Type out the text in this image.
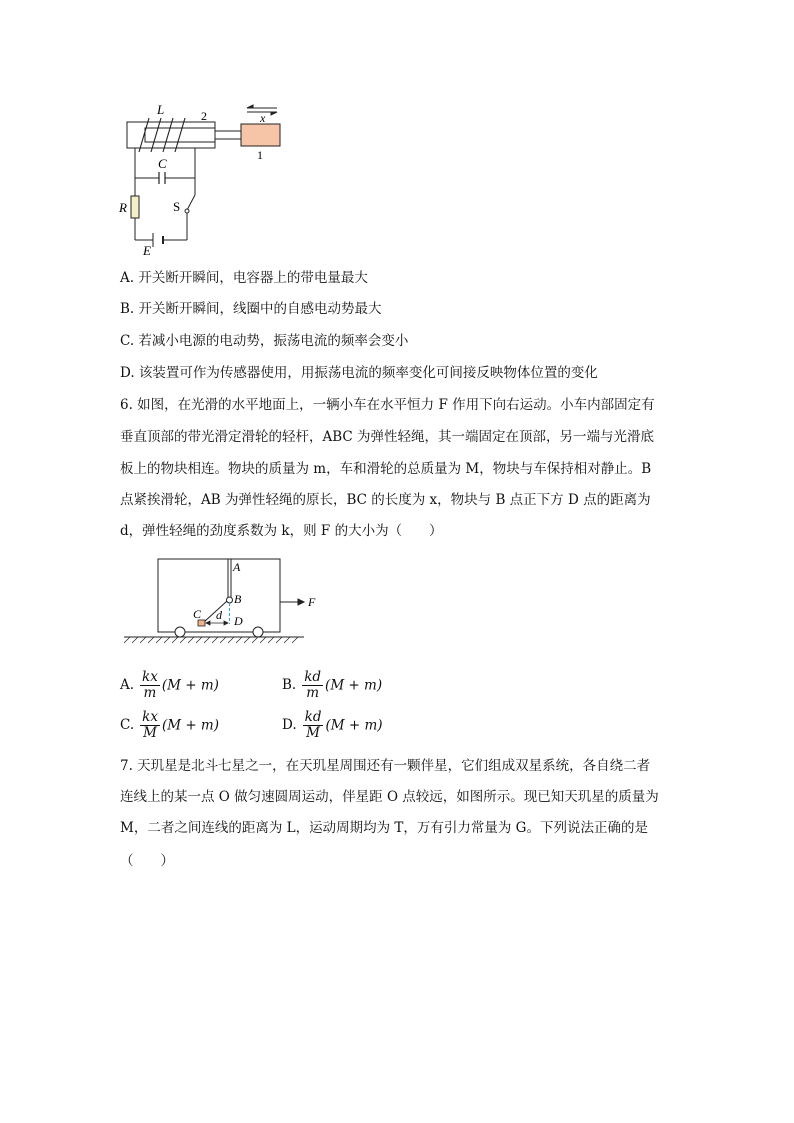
x
L	2
1
C
R	S
E
A. 开关断开瞬间，电容器上的带电量最大
B. 开关断开瞬间，线圈中的自感电动势最大
C. 若减小电源的电动势，振荡电流的频率会变小
D. 该装置可作为传感器使用，用振荡电流的频率变化可间接反映物体位置的变化
6. 如图，在光滑的水平地面上，一辆小车在水平恒力 F 作用下向右运动。小车内部固定有
垂直顶部的带光滑定滑轮的轻杆，ABC 为弹性轻绳，其一端固定在顶部，另一端与光滑底
板上的物块相连。物块的质量为 m，车和滑轮的总质量为 M，物块与车保持相对静止。B
点紧挨滑轮，AB 为弹性轻绳的原长，BC 的长度为 x，物块与 B 点正下方 D 点的距离为
d，弹性轻绳的劲度系数为 k，则 F 的大小为（　　）
A
B
C d D
F
A. $\frac{kx}{m} (M + m)$	B. $\frac{kd}{m} (M + m)$
C. $\frac{kx}{M} (M + m)$	D. $\frac{kd}{M} (M + m)$
7. 天玑星是北斗七星之一，在天玑星周围还有一颗伴星，它们组成双星系统，各自绕二者
连线上的某一点 O 做匀速圆周运动，伴星距 O 点较远，如图所示。现已知天玑星的质量为
M，二者之间连线的距离为 L，运动周期均为 T，万有引力常量为 G。下列说法正确的是
（　　）
